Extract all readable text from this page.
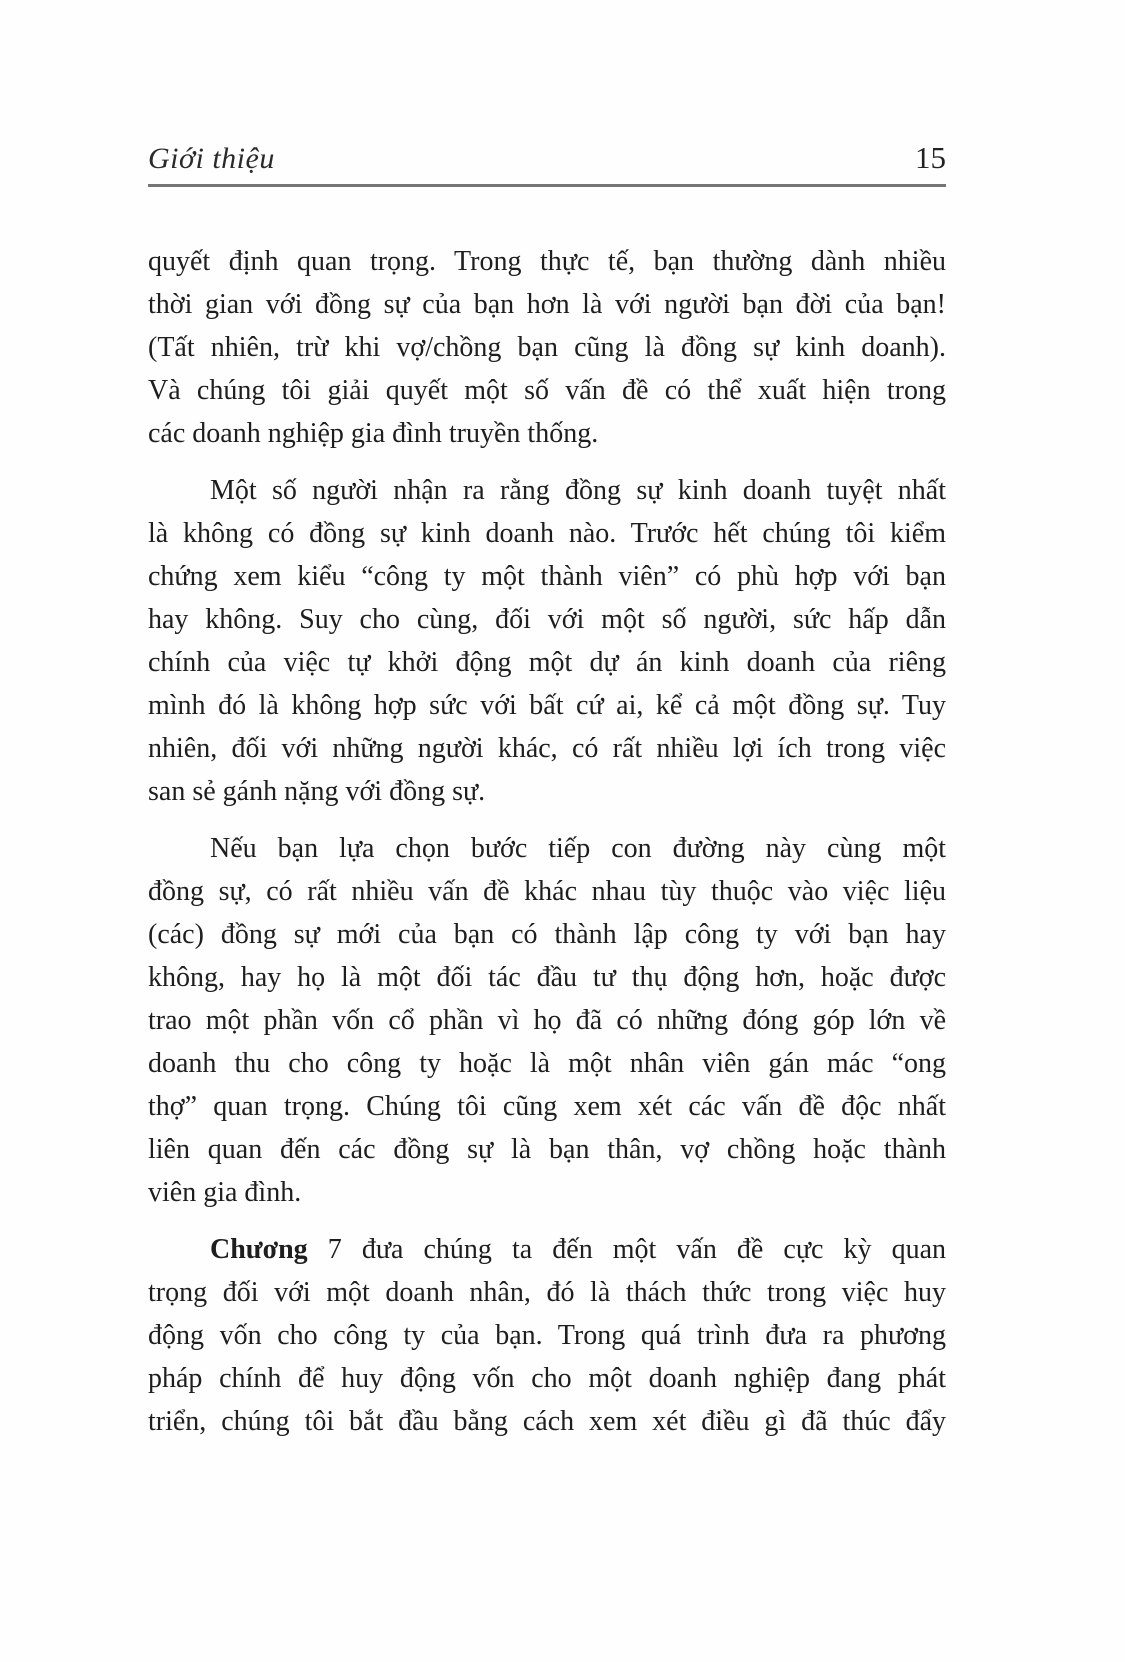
Giới thiệu	15
quyết định quan trọng. Trong thực tế, bạn thường dành nhiều
thời gian với đồng sự của bạn hơn là với người bạn đời của bạn!
(Tất nhiên, trừ khi vợ/chồng bạn cũng là đồng sự kinh doanh).
Và chúng tôi giải quyết một số vấn đề có thể xuất hiện trong
các doanh nghiệp gia đình truyền thống.
Một số người nhận ra rằng đồng sự kinh doanh tuyệt nhất
là không có đồng sự kinh doanh nào. Trước hết chúng tôi kiểm
chứng xem kiểu “công ty một thành viên” có phù hợp với bạn
hay không. Suy cho cùng, đối với một số người, sức hấp dẫn
chính của việc tự khởi động một dự án kinh doanh của riêng
mình đó là không hợp sức với bất cứ ai, kể cả một đồng sự. Tuy
nhiên, đối với những người khác, có rất nhiều lợi ích trong việc
san sẻ gánh nặng với đồng sự.
Nếu bạn lựa chọn bước tiếp con đường này cùng một
đồng sự, có rất nhiều vấn đề khác nhau tùy thuộc vào việc liệu
(các) đồng sự mới của bạn có thành lập công ty với bạn hay
không, hay họ là một đối tác đầu tư thụ động hơn, hoặc được
trao một phần vốn cổ phần vì họ đã có những đóng góp lớn về
doanh thu cho công ty hoặc là một nhân viên gán mác “ong
thợ” quan trọng. Chúng tôi cũng xem xét các vấn đề độc nhất
liên quan đến các đồng sự là bạn thân, vợ chồng hoặc thành
viên gia đình.
Chương 7 đưa chúng ta đến một vấn đề cực kỳ quan
trọng đối với một doanh nhân, đó là thách thức trong việc huy
động vốn cho công ty của bạn. Trong quá trình đưa ra phương
pháp chính để huy động vốn cho một doanh nghiệp đang phát
triển, chúng tôi bắt đầu bằng cách xem xét điều gì đã thúc đẩy
